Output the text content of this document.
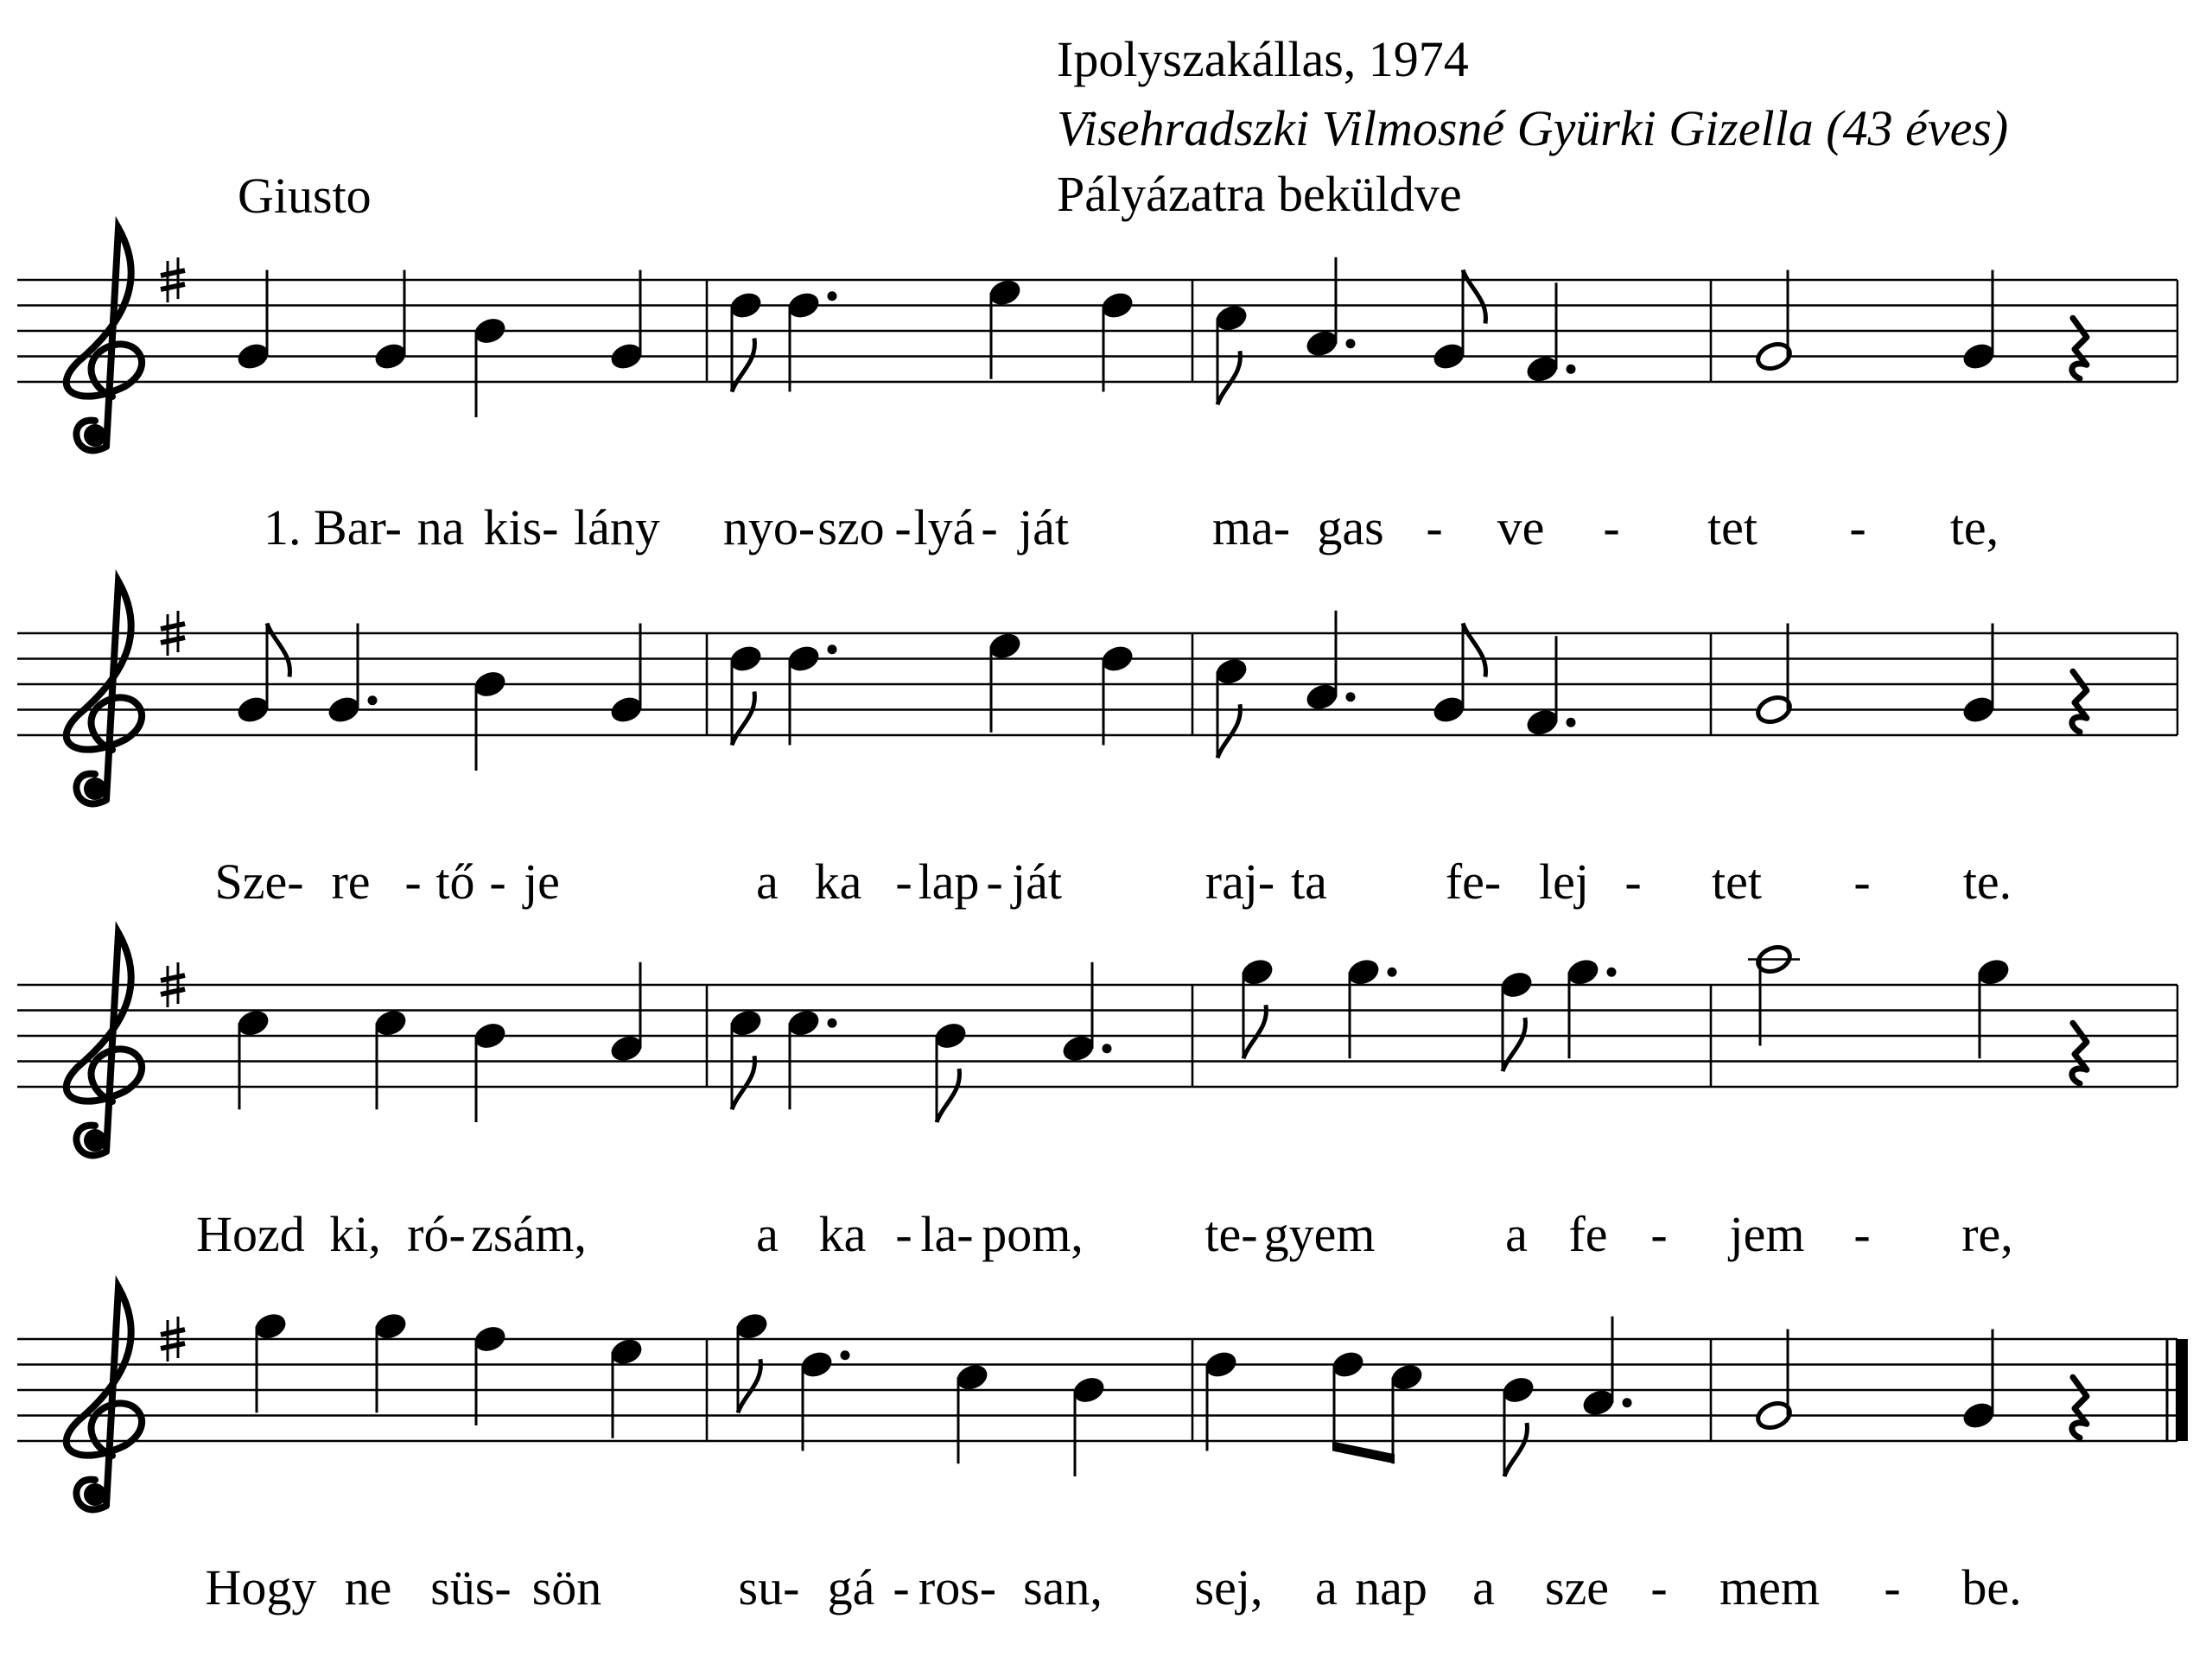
Ipolyszakállas, 1974
Visehradszki Vilmosné Gyürki Gizella (43 éves)
Pályázatra beküldve
Giusto
1. Bar- na kis- lány nyo- szo - lyá - ját	ma- gas - ve - tet - te,
Sze- re - tő - je	a ka - lap - ját	raj- ta fe- lej - tet - te.
Hozd ki, ró- zsám,	a ka - la- pom, te- gyem	a fe - jem - re,
Hogy ne süs- sön	su- gá - ros- san, sej, a nap a sze - mem - be.
